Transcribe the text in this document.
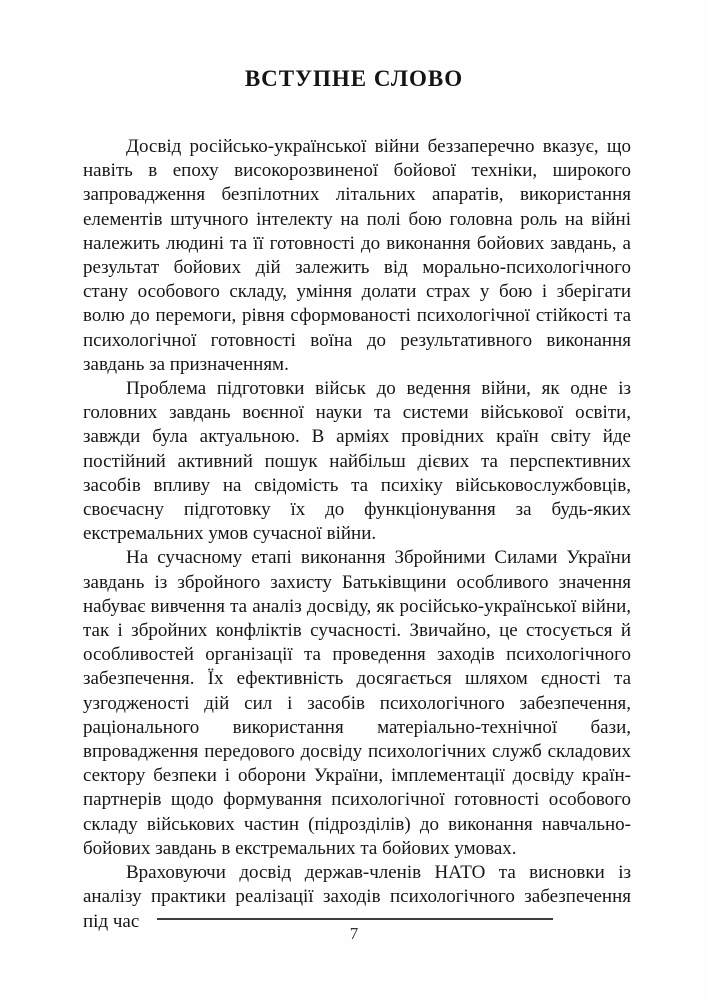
ВСТУПНЕ СЛОВО

Досвід російсько-української війни беззаперечно вказує, що навіть в епоху високорозвиненої бойової техніки, широкого запровадження безпілотних літальних апаратів, використання елементів штучного інтелекту на полі бою головна роль на війні належить людині та її готовності до виконання бойових завдань, а результат бойових дій залежить від морально-психологічного стану особового складу, уміння долати страх у бою і зберігати волю до перемоги, рівня сформованості психологічної стійкості та психологічної готовності воїна до результативного виконання завдань за призначенням.

Проблема підготовки військ до ведення війни, як одне із головних завдань воєнної науки та системи військової освіти, завжди була актуальною. В арміях провідних країн світу йде постійний активний пошук найбільш дієвих та перспективних засобів впливу на свідомість та психіку військовослужбовців, своєчасну підготовку їх до функціонування за будь-яких екстремальних умов сучасної війни.

На сучасному етапі виконання Збройними Силами України завдань із збройного захисту Батьківщини особливого значення набуває вивчення та аналіз досвіду, як російсько-української війни, так і збройних конфліктів сучасності. Звичайно, це стосується й особливостей організації та проведення заходів психологічного забезпечення. Їх ефективність досягається шляхом єдності та узгодженості дій сил і засобів психологічного забезпечення, раціонального використання матеріально-технічної бази, впровадження передового досвіду психологічних служб складових сектору безпеки і оборони України, імплементації досвіду країн-партнерів щодо формування психологічної готовності особового складу військових частин (підрозділів) до виконання навчально-бойових завдань в екстремальних та бойових умовах.

Враховуючи досвід держав-членів НАТО та висновки із аналізу практики реалізації заходів психологічного забезпечення під час

7
